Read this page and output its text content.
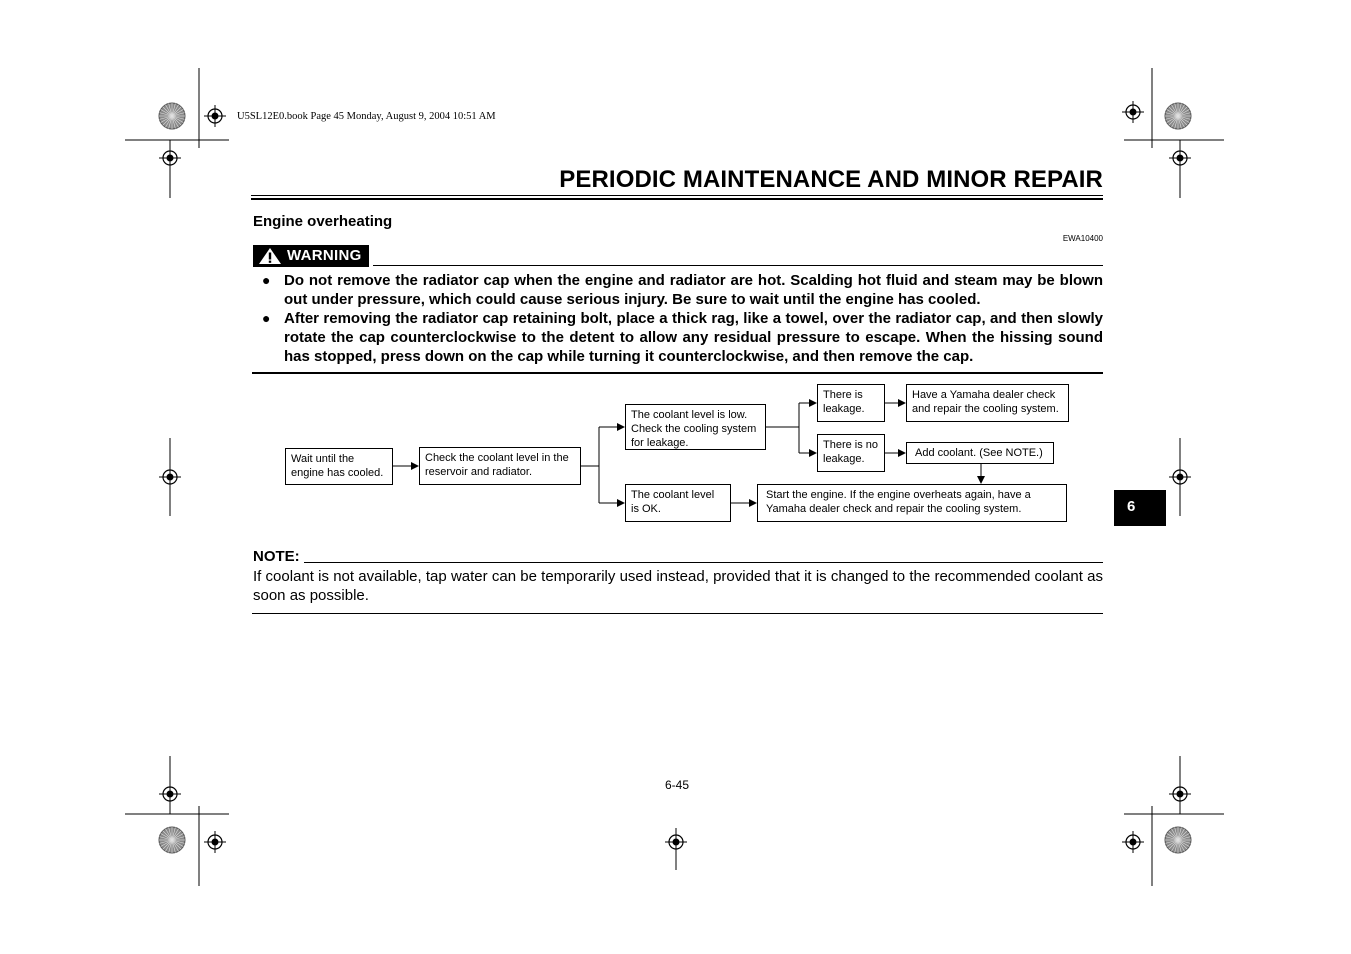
U5SL12E0.book Page 45 Monday, August 9, 2004 10:51 AM
PERIODIC MAINTENANCE AND MINOR REPAIR
Engine overheating
EWA10400
WARNING
● Do not remove the radiator cap when the engine and radiator are hot. Scalding hot fluid and steam may be blown out under pressure, which could cause serious injury. Be sure to wait until the engine has cooled.
● After removing the radiator cap retaining bolt, place a thick rag, like a towel, over the radiator cap, and then slowly rotate the cap counterclockwise to the detent to allow any residual pressure to escape. When the hissing sound has stopped, press down on the cap while turning it counterclockwise, and then remove the cap.
Wait until the engine has cooled.
Check the coolant level in the reservoir and radiator.
The coolant level is low. Check the cooling system for leakage.
The coolant level is OK.
There is leakage.
There is no leakage.
Have a Yamaha dealer check and repair the cooling system.
Add coolant. (See NOTE.)
Start the engine. If the engine overheats again, have a Yamaha dealer check and repair the cooling system.
NOTE:
If coolant is not available, tap water can be temporarily used instead, provided that it is changed to the recommended coolant as soon as possible.
6-45
6
